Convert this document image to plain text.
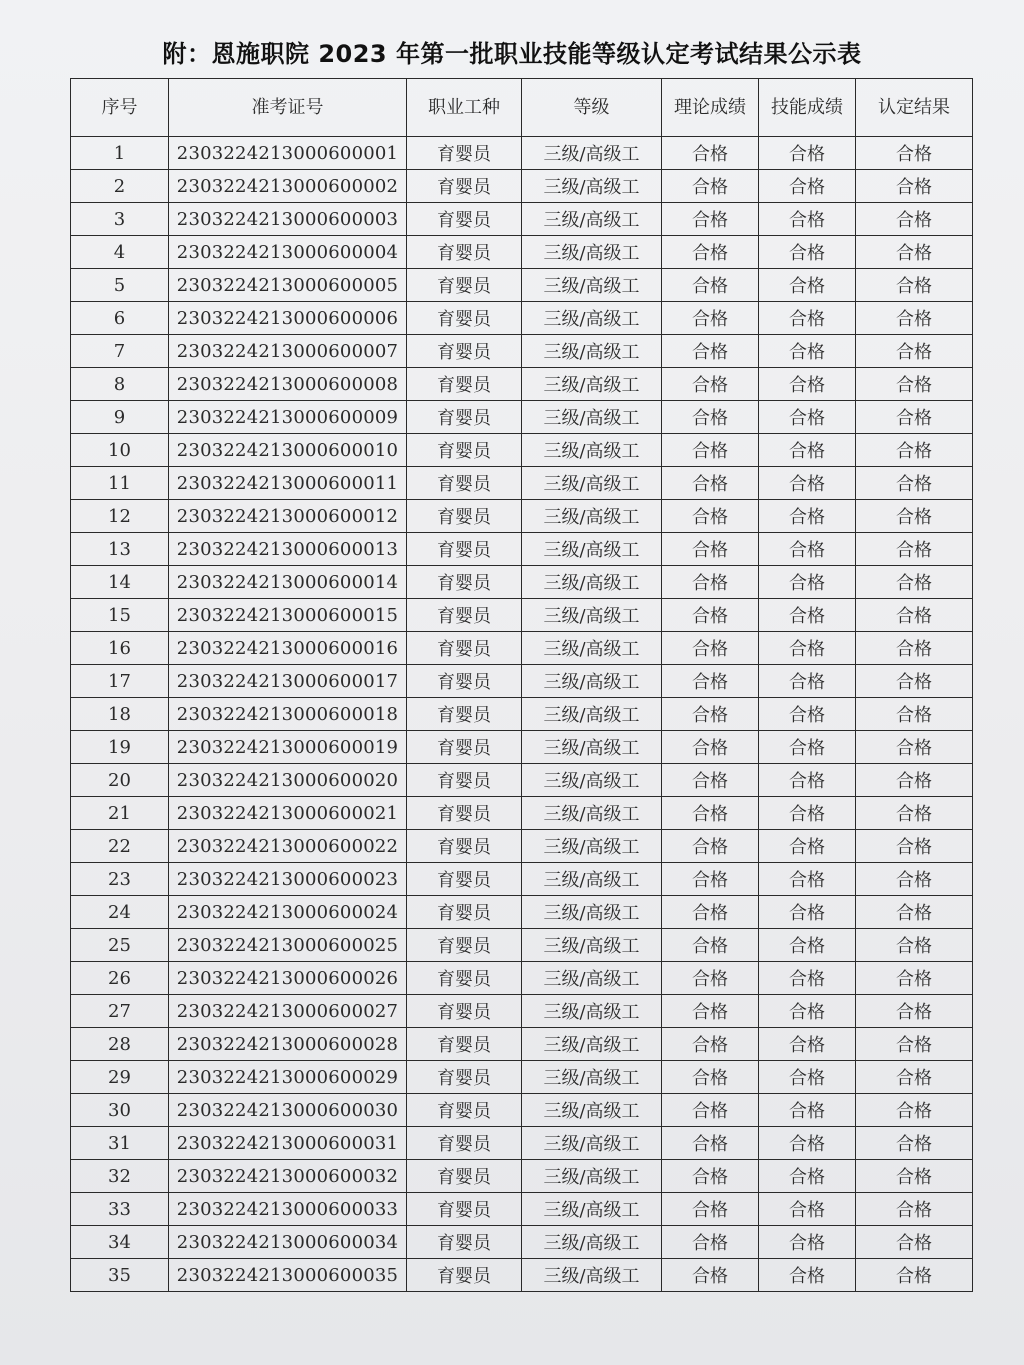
附：恩施职院 2023 年第一批职业技能等级认定考试结果公示表
序号	准考证号	职业工种	等级	理论成绩	技能成绩	认定结果
1	2303224213000600001	育婴员	三级/高级工	合格	合格	合格
2	2303224213000600002	育婴员	三级/高级工	合格	合格	合格
3	2303224213000600003	育婴员	三级/高级工	合格	合格	合格
4	2303224213000600004	育婴员	三级/高级工	合格	合格	合格
5	2303224213000600005	育婴员	三级/高级工	合格	合格	合格
6	2303224213000600006	育婴员	三级/高级工	合格	合格	合格
7	2303224213000600007	育婴员	三级/高级工	合格	合格	合格
8	2303224213000600008	育婴员	三级/高级工	合格	合格	合格
9	2303224213000600009	育婴员	三级/高级工	合格	合格	合格
10	2303224213000600010	育婴员	三级/高级工	合格	合格	合格
11	2303224213000600011	育婴员	三级/高级工	合格	合格	合格
12	2303224213000600012	育婴员	三级/高级工	合格	合格	合格
13	2303224213000600013	育婴员	三级/高级工	合格	合格	合格
14	2303224213000600014	育婴员	三级/高级工	合格	合格	合格
15	2303224213000600015	育婴员	三级/高级工	合格	合格	合格
16	2303224213000600016	育婴员	三级/高级工	合格	合格	合格
17	2303224213000600017	育婴员	三级/高级工	合格	合格	合格
18	2303224213000600018	育婴员	三级/高级工	合格	合格	合格
19	2303224213000600019	育婴员	三级/高级工	合格	合格	合格
20	2303224213000600020	育婴员	三级/高级工	合格	合格	合格
21	2303224213000600021	育婴员	三级/高级工	合格	合格	合格
22	2303224213000600022	育婴员	三级/高级工	合格	合格	合格
23	2303224213000600023	育婴员	三级/高级工	合格	合格	合格
24	2303224213000600024	育婴员	三级/高级工	合格	合格	合格
25	2303224213000600025	育婴员	三级/高级工	合格	合格	合格
26	2303224213000600026	育婴员	三级/高级工	合格	合格	合格
27	2303224213000600027	育婴员	三级/高级工	合格	合格	合格
28	2303224213000600028	育婴员	三级/高级工	合格	合格	合格
29	2303224213000600029	育婴员	三级/高级工	合格	合格	合格
30	2303224213000600030	育婴员	三级/高级工	合格	合格	合格
31	2303224213000600031	育婴员	三级/高级工	合格	合格	合格
32	2303224213000600032	育婴员	三级/高级工	合格	合格	合格
33	2303224213000600033	育婴员	三级/高级工	合格	合格	合格
34	2303224213000600034	育婴员	三级/高级工	合格	合格	合格
35	2303224213000600035	育婴员	三级/高级工	合格	合格	合格
